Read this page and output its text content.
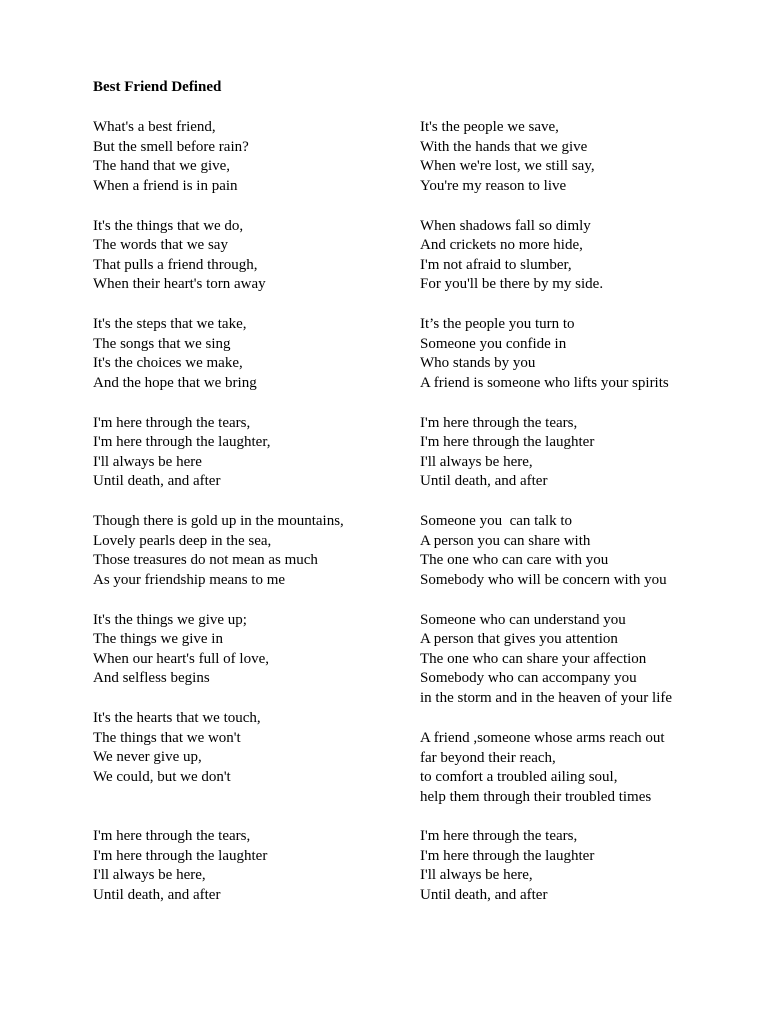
Best Friend Defined
What's a best friend,
But the smell before rain?
The hand that we give,
When a friend is in pain
It's the things that we do,
The words that we say
That pulls a friend through,
When their heart's torn away
It's the steps that we take,
The songs that we sing
It's the choices we make,
And the hope that we bring
I'm here through the tears,
I'm here through the laughter,
I'll always be here
Until death, and after
Though there is gold up in the mountains,
Lovely pearls deep in the sea,
Those treasures do not mean as much
As your friendship means to me
It's the things we give up;
The things we give in
When our heart's full of love,
And selfless begins
It's the hearts that we touch,
The things that we won't
We never give up,
We could, but we don't
I'm here through the tears,
I'm here through the laughter
I'll always be here,
Until death, and after
It's the people we save,
With the hands that we give
When we're lost, we still say,
You're my reason to live
When shadows fall so dimly
And crickets no more hide,
I'm not afraid to slumber,
For you'll be there by my side.
It’s the people you turn to
Someone you confide in
Who stands by you
A friend is someone who lifts your spirits
I'm here through the tears,
I'm here through the laughter
I'll always be here,
Until death, and after
Someone you  can talk to
A person you can share with
The one who can care with you
Somebody who will be concern with you
Someone who can understand you
A person that gives you attention
The one who can share your affection
Somebody who can accompany you
in the storm and in the heaven of your life
A friend ,someone whose arms reach out
far beyond their reach,
to comfort a troubled ailing soul,
help them through their troubled times
I'm here through the tears,
I'm here through the laughter
I'll always be here,
Until death, and after
